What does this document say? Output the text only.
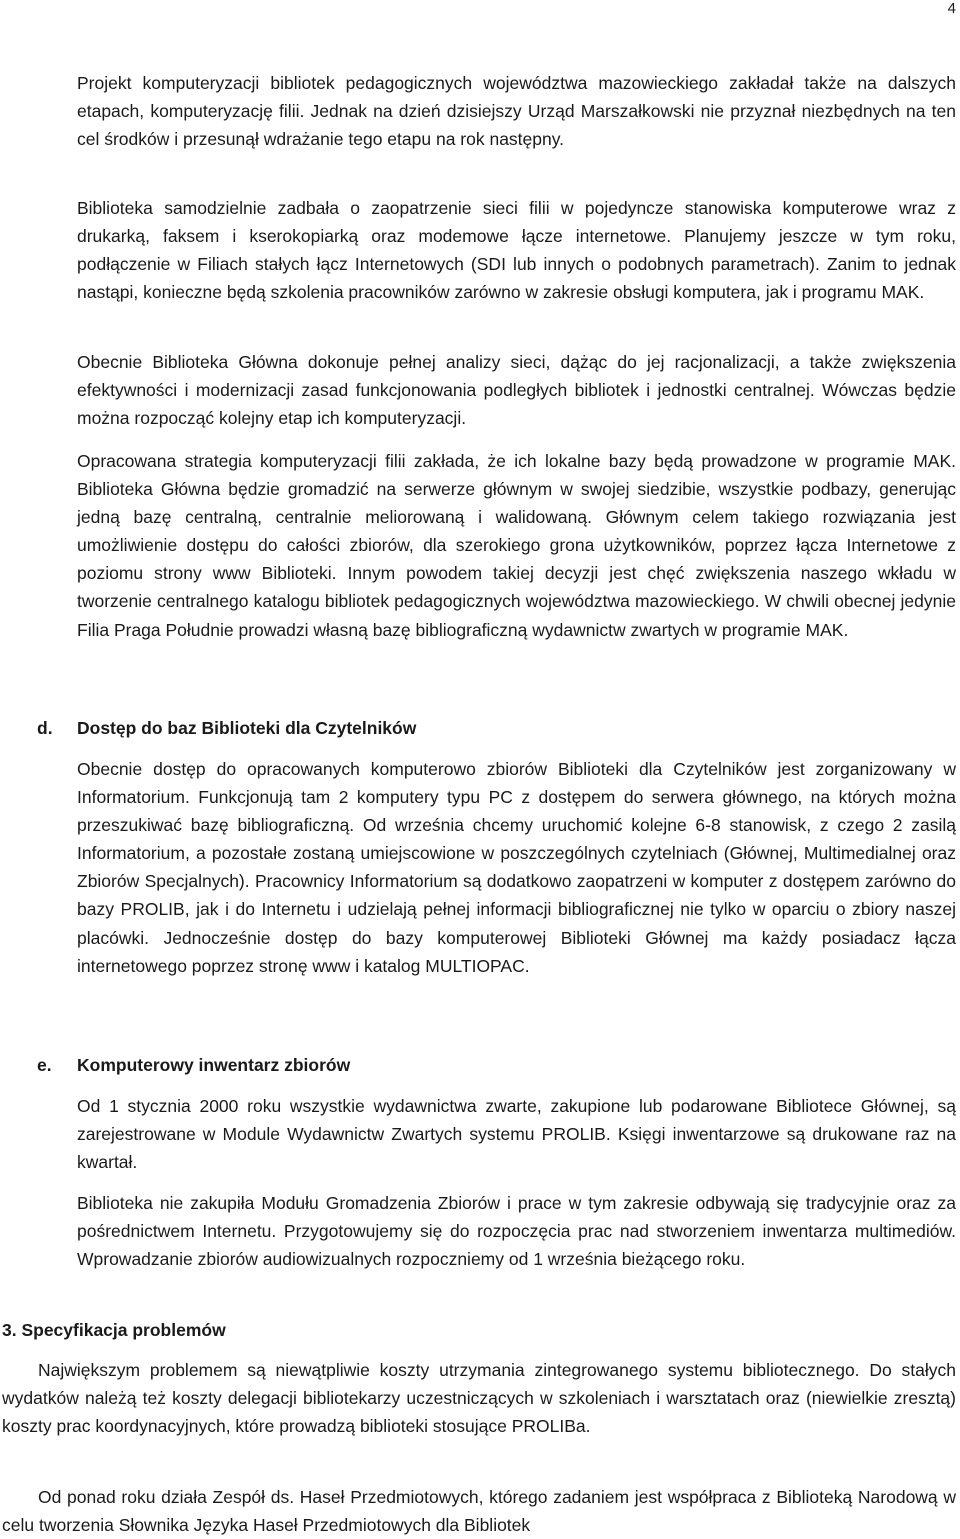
4

Projekt komputeryzacji bibliotek pedagogicznych województwa mazowieckiego zakładał także na dalszych etapach, komputeryzację filii. Jednak na dzień dzisiejszy Urząd Marszałkowski nie przyznał niezbędnych na ten cel środków i przesunął wdrażanie tego etapu na rok następny.

Biblioteka samodzielnie zadbała o zaopatrzenie sieci filii w pojedyncze stanowiska komputerowe wraz z drukarką, faksem i kserokopiarką oraz modemowe łącze internetowe. Planujemy jeszcze w tym roku, podłączenie w Filiach stałych łącz Internetowych (SDI lub innych o podobnych parametrach). Zanim to jednak nastąpi, konieczne będą szkolenia pracowników zarówno w zakresie obsługi komputera, jak i programu MAK.

Obecnie Biblioteka Główna dokonuje pełnej analizy sieci, dążąc do jej racjonalizacji, a także zwiększenia efektywności i modernizacji zasad funkcjonowania podległych bibliotek i jednostki centralnej. Wówczas będzie można rozpocząć kolejny etap ich komputeryzacji.

Opracowana strategia komputeryzacji filii zakłada, że ich lokalne bazy będą prowadzone w programie MAK. Biblioteka Główna będzie gromadzić na serwerze głównym w swojej siedzibie, wszystkie podbazy, generując jedną bazę centralną, centralnie meliorowaną i walidowaną. Głównym celem takiego rozwiązania jest umożliwienie dostępu do całości zbiorów, dla szerokiego grona użytkowników, poprzez łącza Internetowe z poziomu strony www Biblioteki. Innym powodem takiej decyzji jest chęć zwiększenia naszego wkładu w tworzenie centralnego katalogu bibliotek pedagogicznych województwa mazowieckiego. W chwili obecnej jedynie Filia Praga Południe prowadzi własną bazę bibliograficzną wydawnictw zwartych w programie MAK.

d. Dostęp do baz Biblioteki dla Czytelników

Obecnie dostęp do opracowanych komputerowo zbiorów Biblioteki dla Czytelników jest zorganizowany w Informatorium. Funkcjonują tam 2 komputery typu PC z dostępem do serwera głównego, na których można przeszukiwać bazę bibliograficzną. Od września chcemy uruchomić kolejne 6-8 stanowisk, z czego 2 zasilą Informatorium, a pozostałe zostaną umiejscowione w poszczególnych czytelniach (Głównej, Multimedialnej oraz Zbiorów Specjalnych). Pracownicy Informatorium są dodatkowo zaopatrzeni w komputer z dostępem zarówno do bazy PROLIB, jak i do Internetu i udzielają pełnej informacji bibliograficznej nie tylko w oparciu o zbiory naszej placówki. Jednocześnie dostęp do bazy komputerowej Biblioteki Głównej ma każdy posiadacz łącza internetowego poprzez stronę www i katalog MULTIOPAC.

e. Komputerowy inwentarz zbiorów

Od 1 stycznia 2000 roku wszystkie wydawnictwa zwarte, zakupione lub podarowane Bibliotece Głównej, są zarejestrowane w Module Wydawnictw Zwartych systemu PROLIB. Księgi inwentarzowe są drukowane raz na kwartał.

Biblioteka nie zakupiła Modułu Gromadzenia Zbiorów i prace w tym zakresie odbywają się tradycyjnie oraz za pośrednictwem Internetu. Przygotowujemy się do rozpoczęcia prac nad stworzeniem inwentarza multimediów. Wprowadzanie zbiorów audiowizualnych rozpoczniemy od 1 września bieżącego roku.

3. Specyfikacja problemów

Największym problemem są niewątpliwie koszty utrzymania zintegrowanego systemu bibliotecznego. Do stałych wydatków należą też koszty delegacji bibliotekarzy uczestniczących w szkoleniach i warsztatach oraz (niewielkie zresztą) koszty prac koordynacyjnych, które prowadzą biblioteki stosujące PROLIBa.

Od ponad roku działa Zespół ds. Haseł Przedmiotowych, którego zadaniem jest współpraca z Biblioteką Narodową w celu tworzenia Słownika Języka Haseł Przedmiotowych dla Bibliotek
